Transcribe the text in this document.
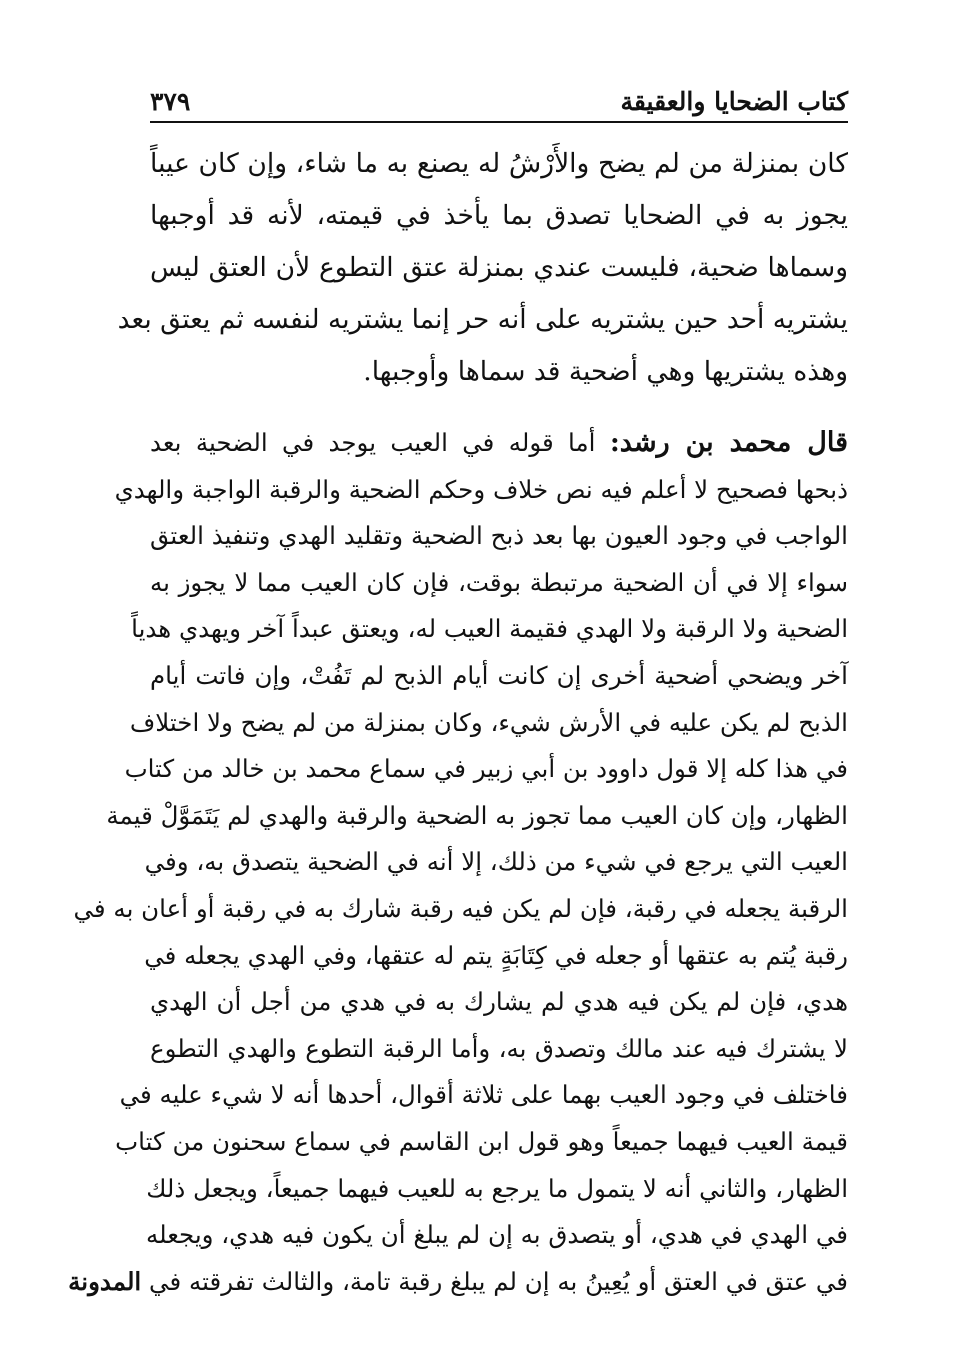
كتاب الضحايا والعقيقة
٣٧٩
كان بمنزلة من لم يضح والأَرْشُ له يصنع به ما شاء، وإن كان عيباً
يجوز به في الضحايا تصدق بما يأخذ في قيمته، لأنه قد أوجبها
وسماها ضحية، فليست عندي بمنزلة عتق التطوع لأن العتق ليس
يشتريه أحد حين يشتريه على أنه حر إنما يشتريه لنفسه ثم يعتق بعد
وهذه يشتريها وهي أضحية قد سماها وأوجبها.
قال محمد بن رشد: أما قوله في العيب يوجد في الضحية بعد
ذبحها فصحيح لا أعلم فيه نص خلاف وحكم الضحية والرقبة الواجبة والهدي
الواجب في وجود العيون بها بعد ذبح الضحية وتقليد الهدي وتنفيذ العتق
سواء إلا في أن الضحية مرتبطة بوقت، فإن كان العيب مما لا يجوز به
الضحية ولا الرقبة ولا الهدي فقيمة العيب له، ويعتق عبداً آخر ويهدي هدياً
آخر ويضحي أضحية أخرى إن كانت أيام الذبح لم تَفُتْ، وإن فاتت أيام
الذبح لم يكن عليه في الأرش شيء، وكان بمنزلة من لم يضح ولا اختلاف
في هذا كله إلا قول داوود بن أبي زبير في سماع محمد بن خالد من كتاب
الظهار، وإن كان العيب مما تجوز به الضحية والرقبة والهدي لم يَتَمَوَّلْ قيمة
العيب التي يرجع في شيء من ذلك، إلا أنه في الضحية يتصدق به، وفي
الرقبة يجعله في رقبة، فإن لم يكن فيه رقبة شارك به في رقبة أو أعان به في
رقبة يُتم به عتقها أو جعله في كِتَابَةٍ يتم له عتقها، وفي الهدي يجعله في
هدي، فإن لم يكن فيه هدي لم يشارك به في هدي من أجل أن الهدي
لا يشترك فيه عند مالك وتصدق به، وأما الرقبة التطوع والهدي التطوع
فاختلف في وجود العيب بهما على ثلاثة أقوال، أحدها أنه لا شيء عليه في
قيمة العيب فيهما جميعاً وهو قول ابن القاسم في سماع سحنون من كتاب
الظهار، والثاني أنه لا يتمول ما يرجع به للعيب فيهما جميعاً، ويجعل ذلك
في الهدي في هدي، أو يتصدق به إن لم يبلغ أن يكون فيه هدي، ويجعله
في عتق في العتق أو يُعِينُ به إن لم يبلغ رقبة تامة، والثالث تفرقته في المدونة
